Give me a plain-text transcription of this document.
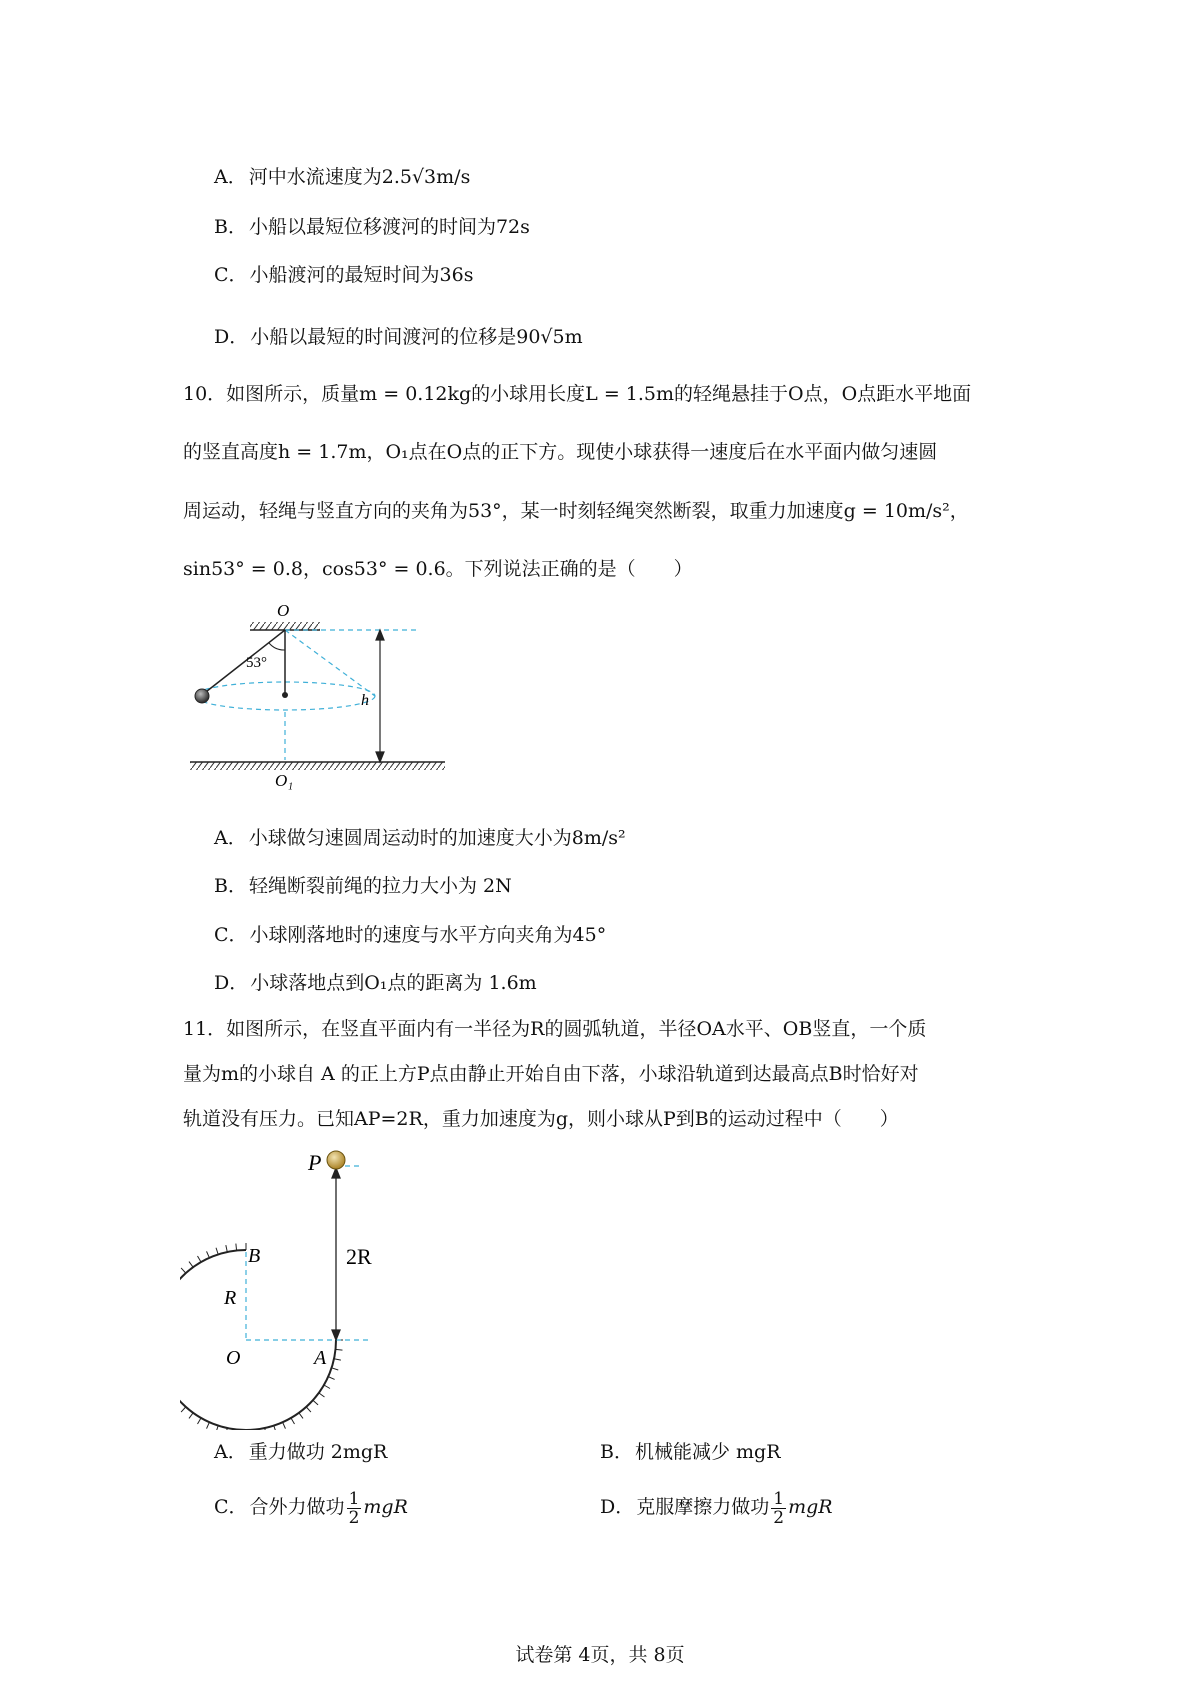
A． 河中水流速度为2.5√3m/s
B． 小船以最短位移渡河的时间为72s
C． 小船渡河的最短时间为36s
D． 小船以最短的时间渡河的位移是90√5m
10．如图所示，质量m = 0.12kg的小球用长度L = 1.5m的轻绳悬挂于O点，O点距水平地面
的竖直高度h = 1.7m，O₁点在O点的正下方。现使小球获得一速度后在水平面内做匀速圆
周运动，轻绳与竖直方向的夹角为53°，某一时刻轻绳突然断裂，取重力加速度g = 10m/s²，
sin53° = 0.8，cos53° = 0.6。下列说法正确的是（　　）
O
53°
h
O₁
A． 小球做匀速圆周运动时的加速度大小为8m/s²
B． 轻绳断裂前绳的拉力大小为 2N
C． 小球刚落地时的速度与水平方向夹角为45°
D． 小球落地点到O₁点的距离为 1.6m
11．如图所示，在竖直平面内有一半径为R的圆弧轨道，半径OA水平、OB竖直，一个质
量为m的小球自 A 的正上方P点由静止开始自由下落，小球沿轨道到达最高点B时恰好对
轨道没有压力。已知AP=2R，重力加速度为g，则小球从P到B的运动过程中（　　）
P
2R
B
R
O	A
A． 重力做功 2mgR	B． 机械能减少 mgR
C． 合外力做功 $\frac{1}{2}$ mgR	D． 克服摩擦力做功 $\frac{1}{2}$ mgR
试卷第 4页，共 8页
